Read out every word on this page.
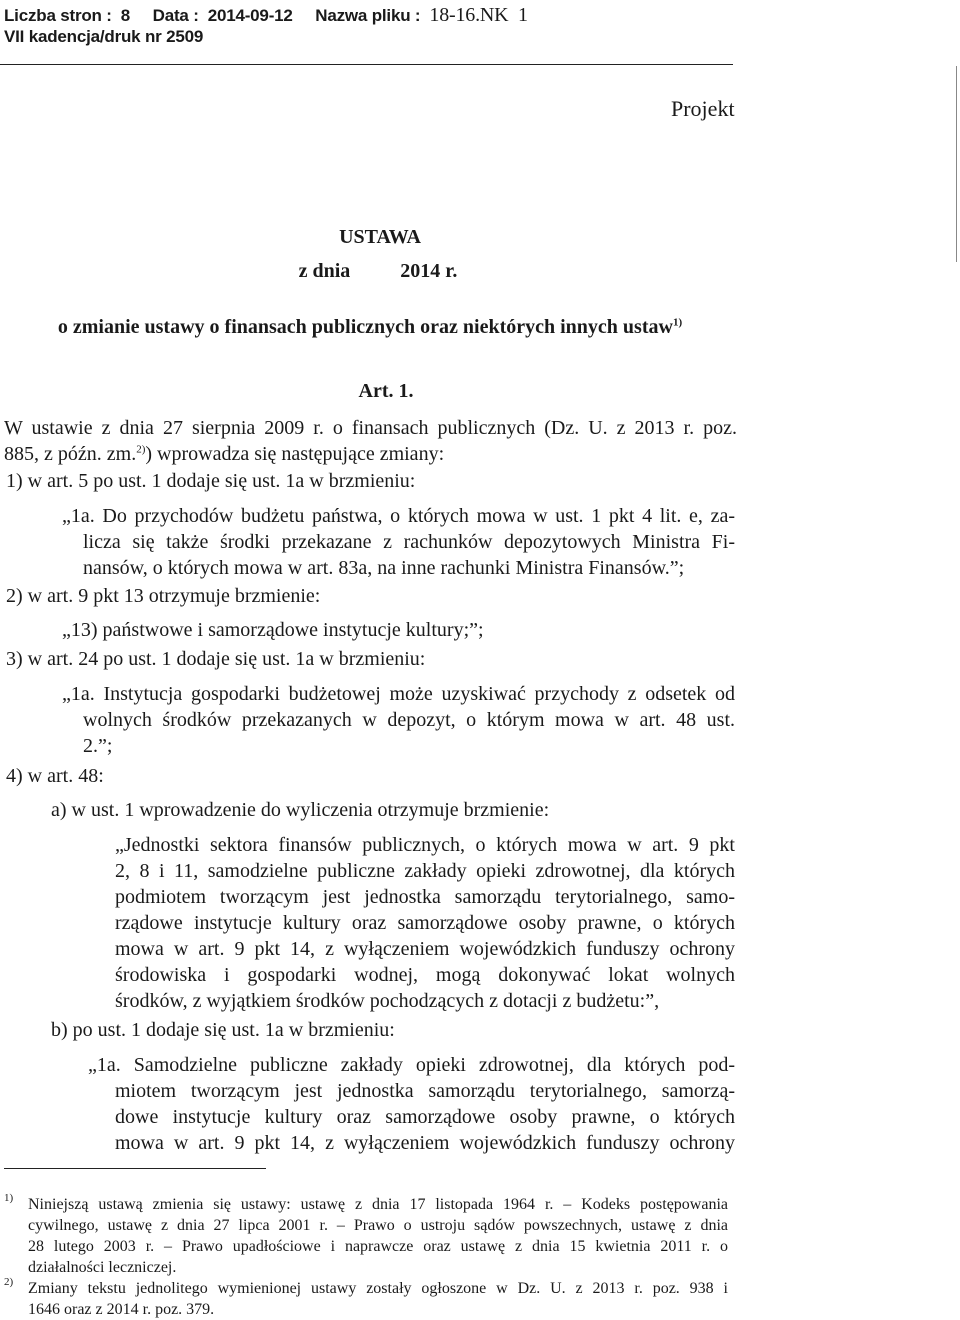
Liczba stron :  8     Data :  2014-09-12     Nazwa pliku :  18-16.NK  1
VII kadencja/druk nr 2509
Projekt
USTAWA
z dnia          2014 r.
o zmianie ustawy o finansach publicznych oraz niektórych innych ustaw$^{1)}$
Art. 1.
W ustawie z dnia 27 sierpnia 2009 r. o finansach publicznych (Dz. U. z 2013 r. poz.
885, z późn. zm.$^{2)}$) wprowadza się następujące zmiany:
1) w art. 5 po ust. 1 dodaje się ust. 1a w brzmieniu:
„1a. Do przychodów budżetu państwa, o których mowa w ust. 1 pkt 4 lit. e, za-
licza się także środki przekazane z rachunków depozytowych Ministra Fi-
nansów, o których mowa w art. 83a, na inne rachunki Ministra Finansów.”;
2) w art. 9 pkt 13 otrzymuje brzmienie:
„13) państwowe i samorządowe instytucje kultury;”;
3) w art. 24 po ust. 1 dodaje się ust. 1a w brzmieniu:
„1a. Instytucja gospodarki budżetowej może uzyskiwać przychody z odsetek od
wolnych środków przekazanych w depozyt, o którym mowa w art. 48 ust.
2.”;
4) w art. 48:
a) w ust. 1 wprowadzenie do wyliczenia otrzymuje brzmienie:
„Jednostki sektora finansów publicznych, o których mowa w art. 9 pkt
2, 8 i 11, samodzielne publiczne zakłady opieki zdrowotnej, dla których
podmiotem tworzącym jest jednostka samorządu terytorialnego, samo-
rządowe instytucje kultury oraz samorządowe osoby prawne, o których
mowa w art. 9 pkt 14, z wyłączeniem wojewódzkich funduszy ochrony
środowiska i gospodarki wodnej, mogą dokonywać lokat wolnych
środków, z wyjątkiem środków pochodzących z dotacji z budżetu:”,
b) po ust. 1 dodaje się ust. 1a w brzmieniu:
„1a. Samodzielne publiczne zakłady opieki zdrowotnej, dla których pod-
miotem tworzącym jest jednostka samorządu terytorialnego, samorzą-
dowe instytucje kultury oraz samorządowe osoby prawne, o których
mowa w art. 9 pkt 14, z wyłączeniem wojewódzkich funduszy ochrony
1) Niniejszą ustawą zmienia się ustawy: ustawę z dnia 17 listopada 1964 r. – Kodeks postępowania
cywilnego, ustawę z dnia 27 lipca 2001 r. – Prawo o ustroju sądów powszechnych, ustawę z dnia
28 lutego 2003 r. – Prawo upadłościowe i naprawcze oraz ustawę z dnia 15 kwietnia 2011 r. o
działalności leczniczej.
2) Zmiany tekstu jednolitego wymienionej ustawy zostały ogłoszone w Dz. U. z 2013 r. poz. 938 i
1646 oraz z 2014 r. poz. 379.
